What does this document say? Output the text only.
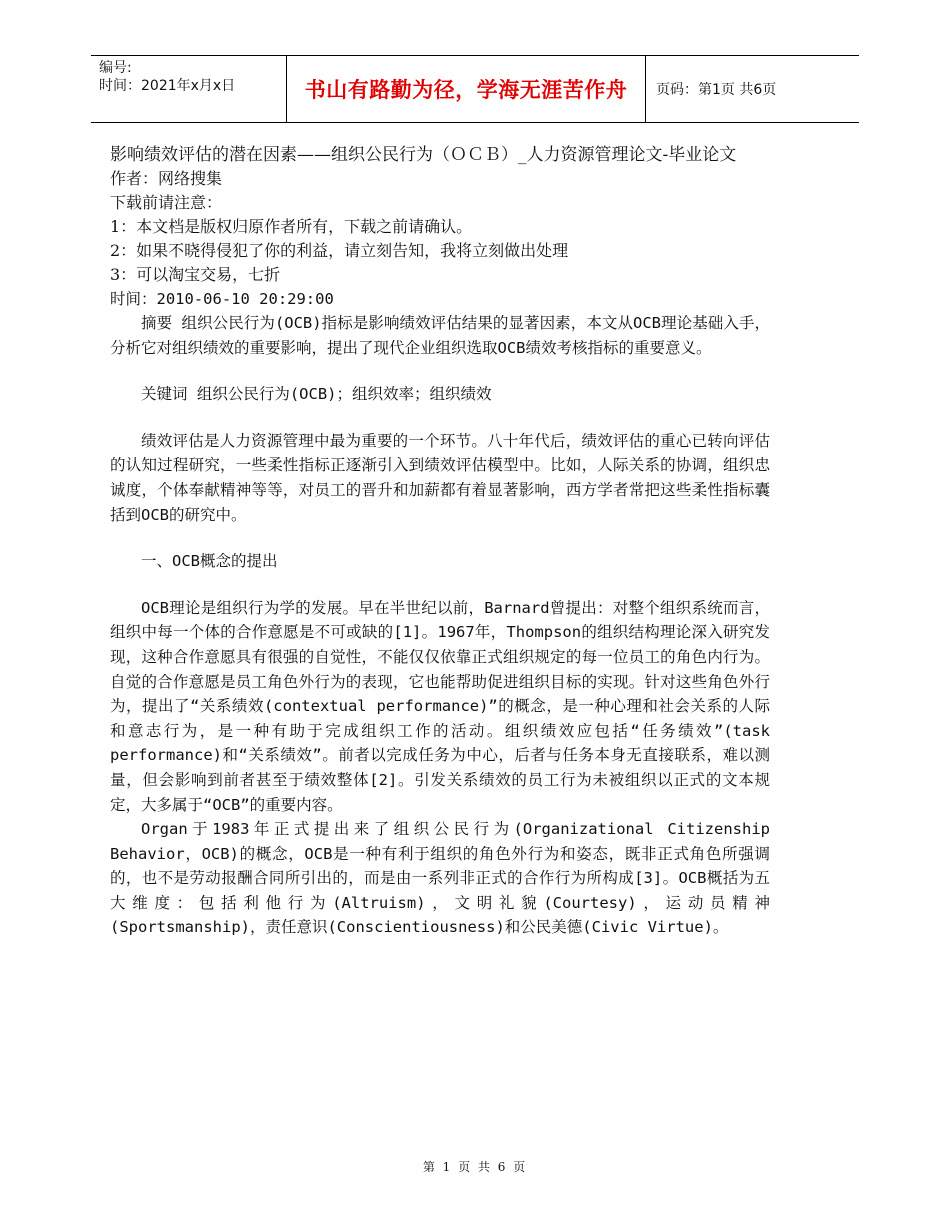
编号:
时间：2021年x月x日	书山有路勤为径，学海无涯苦作舟	页码：第1页 共6页

影响绩效评估的潜在因素——组织公民行为（ＯＣＢ）_人力资源管理论文-毕业论文

作者：网络搜集

下载前请注意：

1：本文档是版权归原作者所有，下载之前请确认。

2：如果不晓得侵犯了你的利益，请立刻告知，我将立刻做出处理

3：可以淘宝交易，七折

时间：2010-06-10 20:29:00

摘要 组织公民行为(OCB)指标是影响绩效评估结果的显著因素，本文从OCB理论基础入手，分析它对组织绩效的重要影响，提出了现代企业组织选取OCB绩效考核指标的重要意义。

关键词 组织公民行为(OCB)；组织效率；组织绩效

绩效评估是人力资源管理中最为重要的一个环节。八十年代后，绩效评估的重心已转向评估的认知过程研究，一些柔性指标正逐渐引入到绩效评估模型中。比如，人际关系的协调，组织忠诚度，个体奉献精神等等，对员工的晋升和加薪都有着显著影响，西方学者常把这些柔性指标囊括到OCB的研究中。

一、OCB概念的提出

OCB理论是组织行为学的发展。早在半世纪以前，Barnard曾提出：对整个组织系统而言，组织中每一个体的合作意愿是不可或缺的[1]。1967年，Thompson的组织结构理论深入研究发现，这种合作意愿具有很强的自觉性，不能仅仅依靠正式组织规定的每一位员工的角色内行为。自觉的合作意愿是员工角色外行为的表现，它也能帮助促进组织目标的实现。针对这些角色外行为，提出了“关系绩效(contextual performance)”的概念，是一种心理和社会关系的人际和意志行为，是一种有助于完成组织工作的活动。组织绩效应包括“任务绩效”(task performance)和“关系绩效”。前者以完成任务为中心，后者与任务本身无直接联系，难以测量，但会影响到前者甚至于绩效整体[2]。引发关系绩效的员工行为未被组织以正式的文本规定，大多属于“OCB”的重要内容。

Organ于1983年正式提出来了组织公民行为(Organizational Citizenship Behavior，OCB)的概念，OCB是一种有利于组织的角色外行为和姿态，既非正式角色所强调的，也不是劳动报酬合同所引出的，而是由一系列非正式的合作行为所构成[3]。OCB概括为五大维度：包括利他行为(Altruism)，文明礼貌(Courtesy)，运动员精神(Sportsmanship)，责任意识(Conscientiousness)和公民美德(Civic Virtue)。

第 1 页 共 6 页
